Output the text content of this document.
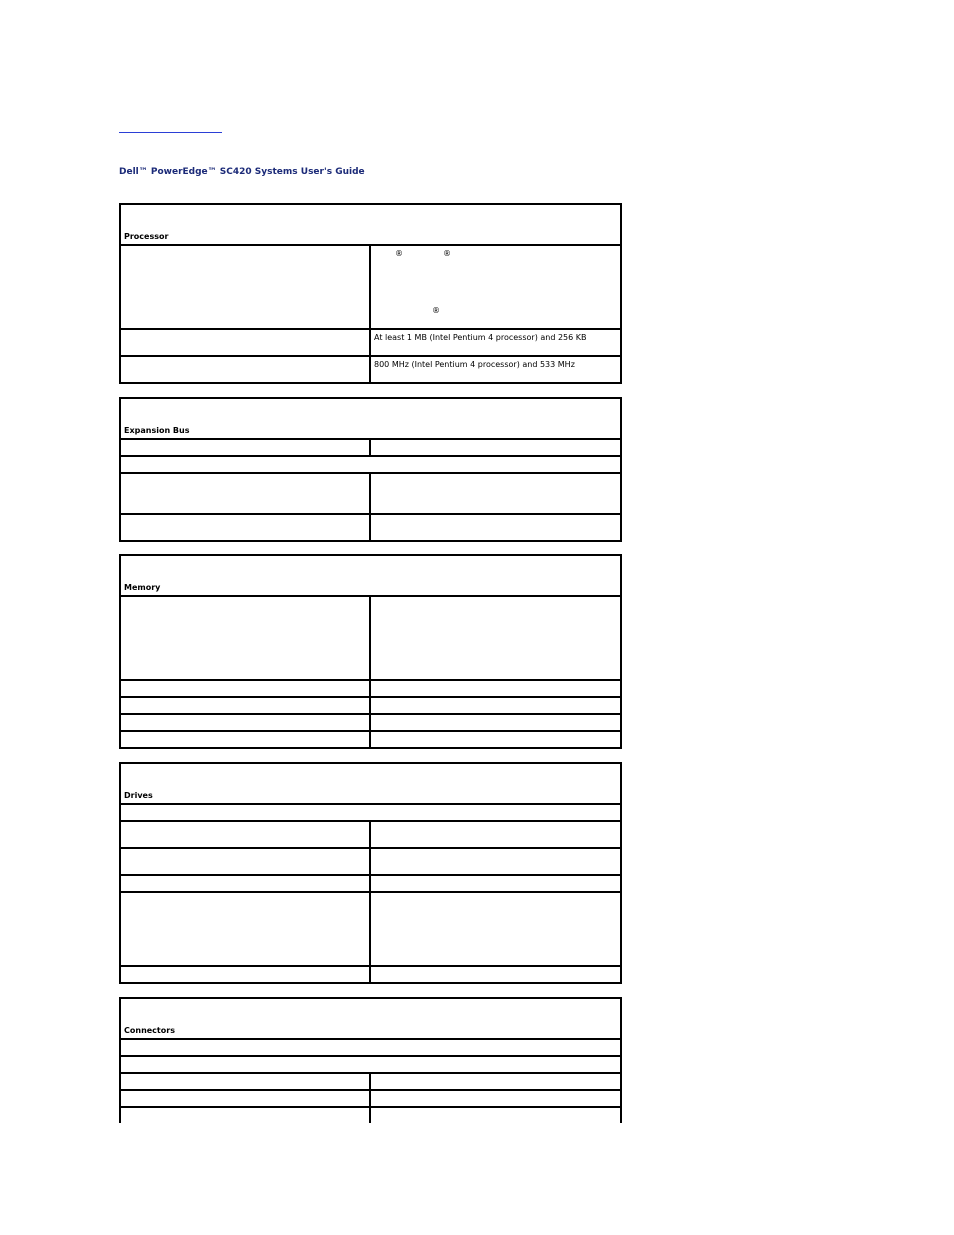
Dell™ PowerEdge™ SC420 Systems User's Guide
Processor	

	® ®
®

	At least 1 MB (Intel Pentium 4 processor) and 256 KB

	800 MHz (Intel Pentium 4 processor) and 533 MHz
Expansion Bus	

Memory	

Drives	

Connectors	
